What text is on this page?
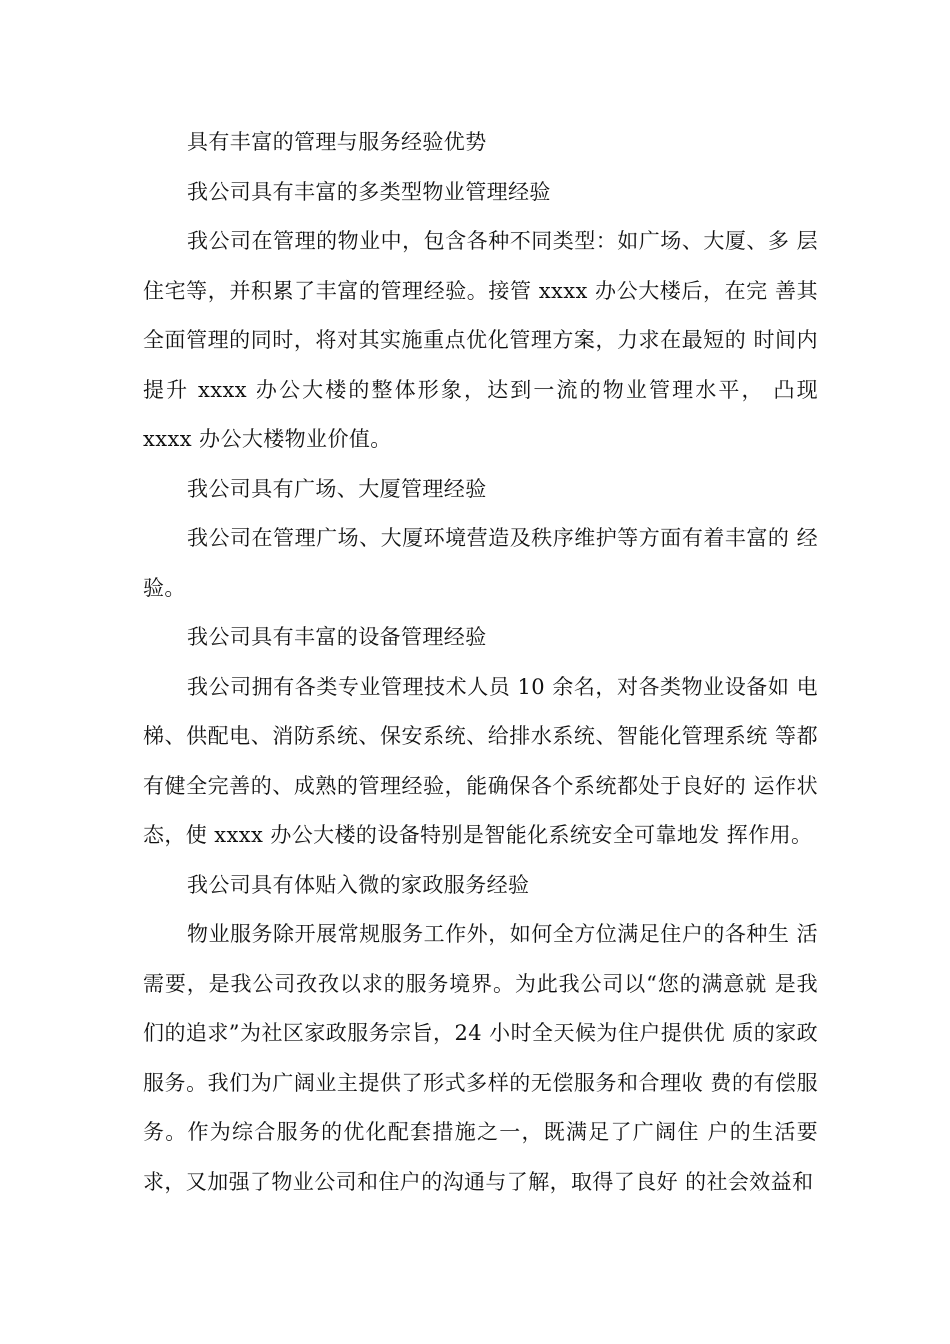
具有丰富的管理与服务经验优势

我公司具有丰富的多类型物业管理经验

我公司在管理的物业中，包含各种不同类型：如广场、大厦、多 层住宅等，并积累了丰富的管理经验。接管 xxxx 办公大楼后，在完 善其全面管理的同时，将对其实施重点优化管理方案，力求在最短的 时间内提升 xxxx 办公大楼的整体形象，达到一流的物业管理水平， 凸现 xxxx 办公大楼物业价值。

我公司具有广场、大厦管理经验

我公司在管理广场、大厦环境营造及秩序维护等方面有着丰富的 经验。

我公司具有丰富的设备管理经验

我公司拥有各类专业管理技术人员 10 余名，对各类物业设备如 电梯、供配电、消防系统、保安系统、给排水系统、智能化管理系统 等都有健全完善的、成熟的管理经验，能确保各个系统都处于良好的 运作状态，使 xxxx 办公大楼的设备特别是智能化系统安全可靠地发 挥作用。

我公司具有体贴入微的家政服务经验

物业服务除开展常规服务工作外，如何全方位满足住户的各种生 活需要，是我公司孜孜以求的服务境界。为此我公司以“您的满意就 是我们的追求”为社区家政服务宗旨，24 小时全天候为住户提供优 质的家政服务。我们为广阔业主提供了形式多样的无偿服务和合理收 费的有偿服务。作为综合服务的优化配套措施之一，既满足了广阔住 户的生活要求，又加强了物业公司和住户的沟通与了解，取得了良好 的社会效益和
